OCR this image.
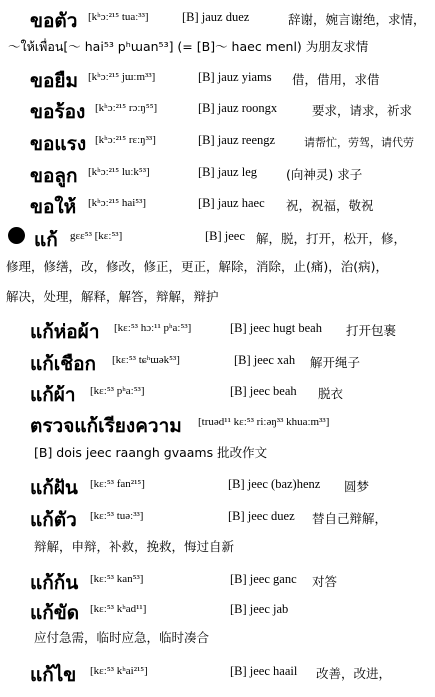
ขอตัว [kʰɔː²¹⁵ tuaː³³]	[B] jauz duez	辞谢，婉言谢绝，求情，
～ให้เพื่อน[～ hai⁵³ pʰɯan⁵³] (= [B]～ haec menl) 为朋友求情
ขอยืม [kʰɔː²¹⁵ jɯːm³³]	[B] jauz yiams 借，借用，求借
ขอร้อง [kʰɔː²¹⁵ rɔːŋ⁵⁵]	[B] jauz roongx	要求，请求，祈求
ขอแรง [kʰɔː²¹⁵ rɛːŋ³³]	[B] jauz reengz	请帮忙，劳驾，请代劳
ขอลูก [kʰɔː²¹⁵ luːk⁵³]	[B] jauz leg (向神灵) 求子
ขอให้ [kʰɔː²¹⁵ hai⁵³]	[B] jauz haec 祝，祝福，敬祝
แก้ gɛɛ⁵³ [kɛː⁵³]	[B] jeec 解，脱，打开，松开，修，
修理，修缮，改，修改，修正，更正，解除，消除，止(痛)，治(病)，
解决，处理，解释，解答，辩解，辩护
แก้ห่อผ้า [kɛː⁵³ hɔː¹¹ pʰaː⁵³]	[B] jeec hugt beah 打开包裹
แก้เชือก [kɛː⁵³ tɕʰɯək⁵³]	[B] jeec xah 解开绳子
แก้ผ้า [kɛː⁵³ pʰaː⁵³]	[B] jeec beah 脱衣
ตรวจแก้เรียงความ [truəd¹¹ kɛː⁵³ riːəŋ³³ khuaːm³³]
[B] dois jeec raangh gvaams 批改作文
แก้ฝัน [kɛː⁵³ fan²¹⁵]	[B] jeec (baz)henz 圆梦
แก้ตัว [kɛː⁵³ tuəː³³]	[B] jeec duez 替自己辩解，
辩解，申辩，补救，挽救，悔过自新
แก้ก้น [kɛː⁵³ kan⁵³]	[B] jeec ganc 对答
แก้ขัด [kɛː⁵³ kʰad¹¹]	[B] jeec jab
应付急需，临时应急，临时凑合
แก้ไข [kɛː⁵³ kʰai²¹⁵]	[B] jeec haail 改善，改进，
